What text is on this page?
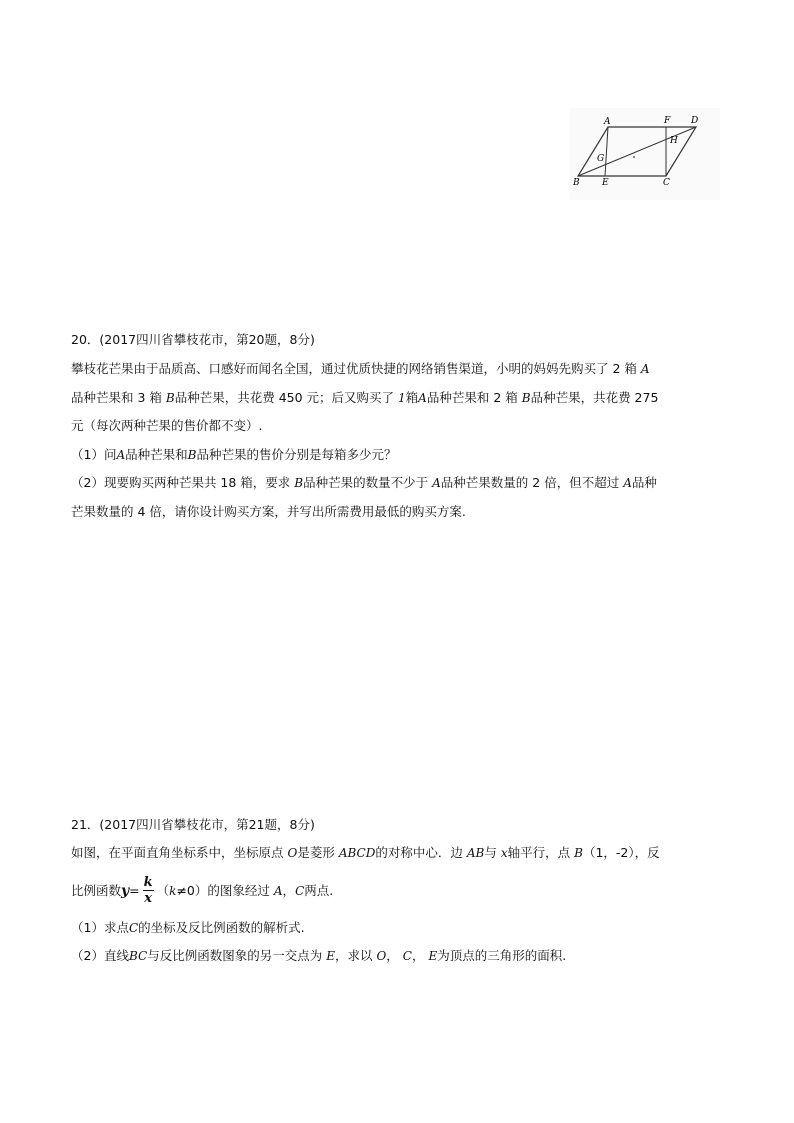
A	F D
H
G
B E	C
20．(2017四川省攀枝花市，第20题，8分)
攀枝花芒果由于品质高、口感好而闻名全国，通过优质快捷的网络销售渠道，小明的妈妈先购买了 2 箱 A
品种芒果和 3 箱 B品种芒果，共花费 450 元；后又购买了 1箱A品种芒果和 2 箱 B品种芒果，共花费 275
元（每次两种芒果的售价都不变）.
（1）问A品种芒果和B品种芒果的售价分别是每箱多少元？
（2）现要购买两种芒果共 18 箱，要求 B品种芒果的数量不少于 A品种芒果数量的 2 倍，但不超过 A品种
芒果数量的 4 倍，请你设计购买方案，并写出所需费用最低的购买方案.
21．(2017四川省攀枝花市，第21题，8分)
如图，在平面直角坐标系中，坐标原点 O是菱形 ABCD的对称中心．边 AB与 x轴平行，点 B（1，-2），反
比例函数 $y = \frac{k}{x}$ （ k ≠0）的图象经过
A ， C 两点.
（1）求点C的坐标及反比例函数的解析式.
（2）直线BC与反比例函数图象的另一交点为 E，求以 O， C， E为顶点的三角形的面积.
